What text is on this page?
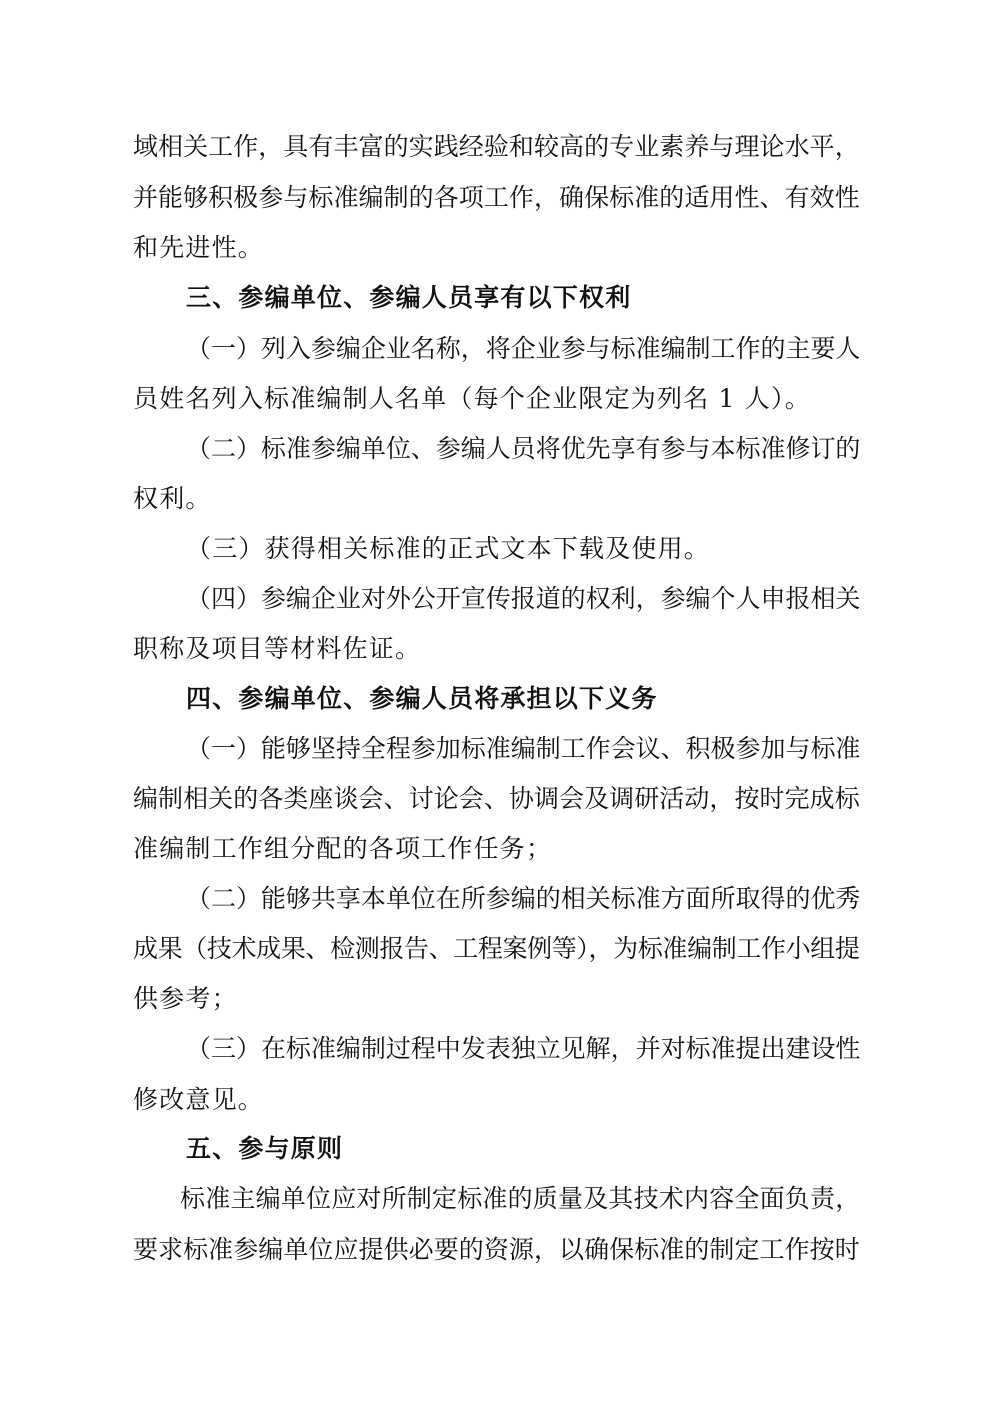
域相关工作，具有丰富的实践经验和较高的专业素养与理论水平，
并能够积极参与标准编制的各项工作，确保标准的适用性、有效性
和先进性。
三、参编单位、参编人员享有以下权利
（一）列入参编企业名称，将企业参与标准编制工作的主要人
员姓名列入标准编制人名单（每个企业限定为列名 1 人）。
（二）标准参编单位、参编人员将优先享有参与本标准修订的
权利。
（三）获得相关标准的正式文本下载及使用。
（四）参编企业对外公开宣传报道的权利，参编个人申报相关
职称及项目等材料佐证。
四、参编单位、参编人员将承担以下义务
（一）能够坚持全程参加标准编制工作会议、积极参加与标准
编制相关的各类座谈会、讨论会、协调会及调研活动，按时完成标
准编制工作组分配的各项工作任务；
（二）能够共享本单位在所参编的相关标准方面所取得的优秀
成果（技术成果、检测报告、工程案例等），为标准编制工作小组提
供参考；
（三）在标准编制过程中发表独立见解，并对标准提出建设性
修改意见。
五、参与原则
标准主编单位应对所制定标准的质量及其技术内容全面负责，
要求标准参编单位应提供必要的资源，以确保标准的制定工作按时
